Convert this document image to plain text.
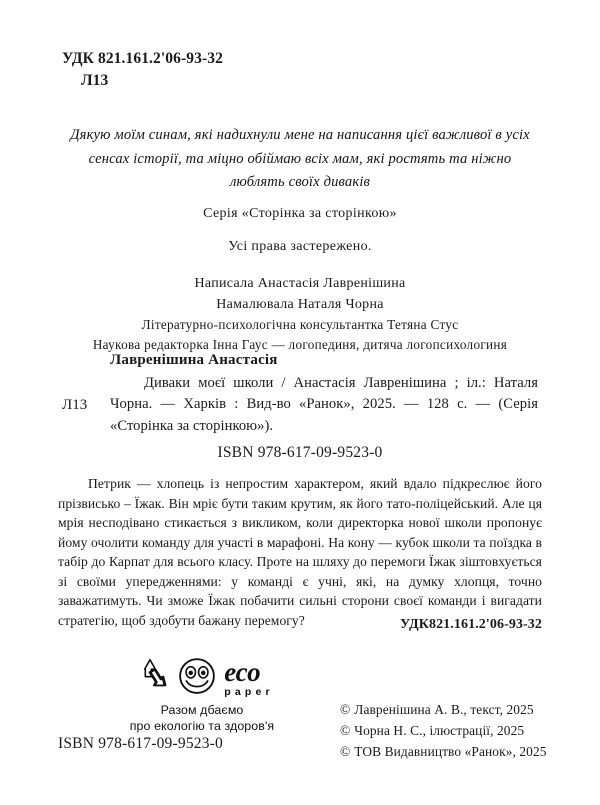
УДК 821.161.2'06-93-32
Л13
Дякую моїм синам, які надихнули мене на написання цієї важливої в усіх сенсах історії, та міцно обіймаю всіх мам, які ростять та ніжно люблять своїх диваків
Серія «Сторінка за сторінкою»
Усі права застережено.
Написала Анастасія Лавренішина
Намалювала Наталя Чорна
Літературно-психологічна консультантка Тетяна Стус
Наукова редакторка Інна Гаус — логопединя, дитяча логопсихологиня
Лавренішина Анастасія
Л13
Диваки моєї школи / Анастасія Лавренішина ; іл.: Наталя Чорна. — Харків : Вид-во «Ранок», 2025. — 128 с. — (Серія «Сторінка за сторінкою»).
ISBN 978-617-09-9523-0
Петрик — хлопець із непростим характером, який вдало підкреслює його прізвисько – Їжак. Він мріє бути таким крутим, як його тато-поліцейський. Але ця мрія несподівано стикається з викликом, коли директорка нової школи пропонує йому очолити команду для участі в марафоні. На кону — кубок школи та поїздка в табір до Карпат для всього класу. Проте на шляху до перемоги Їжак зіштовхується зі своїми упередженнями: у команді є учні, які, на думку хлопця, точно заважатимуть. Чи зможе Їжак побачити сильні сторони своєї команди і вигадати стратегію, щоб здобути бажану перемогу?	УДК821.161.2'06-93-32
eco
paper
Разом дбаємо
про екологію та здоров'я
© Лавренішина А. В., текст, 2025
© Чорна Н. С., ілюстрації, 2025
© ТОВ Видавництво «Ранок», 2025
ISBN 978-617-09-9523-0
